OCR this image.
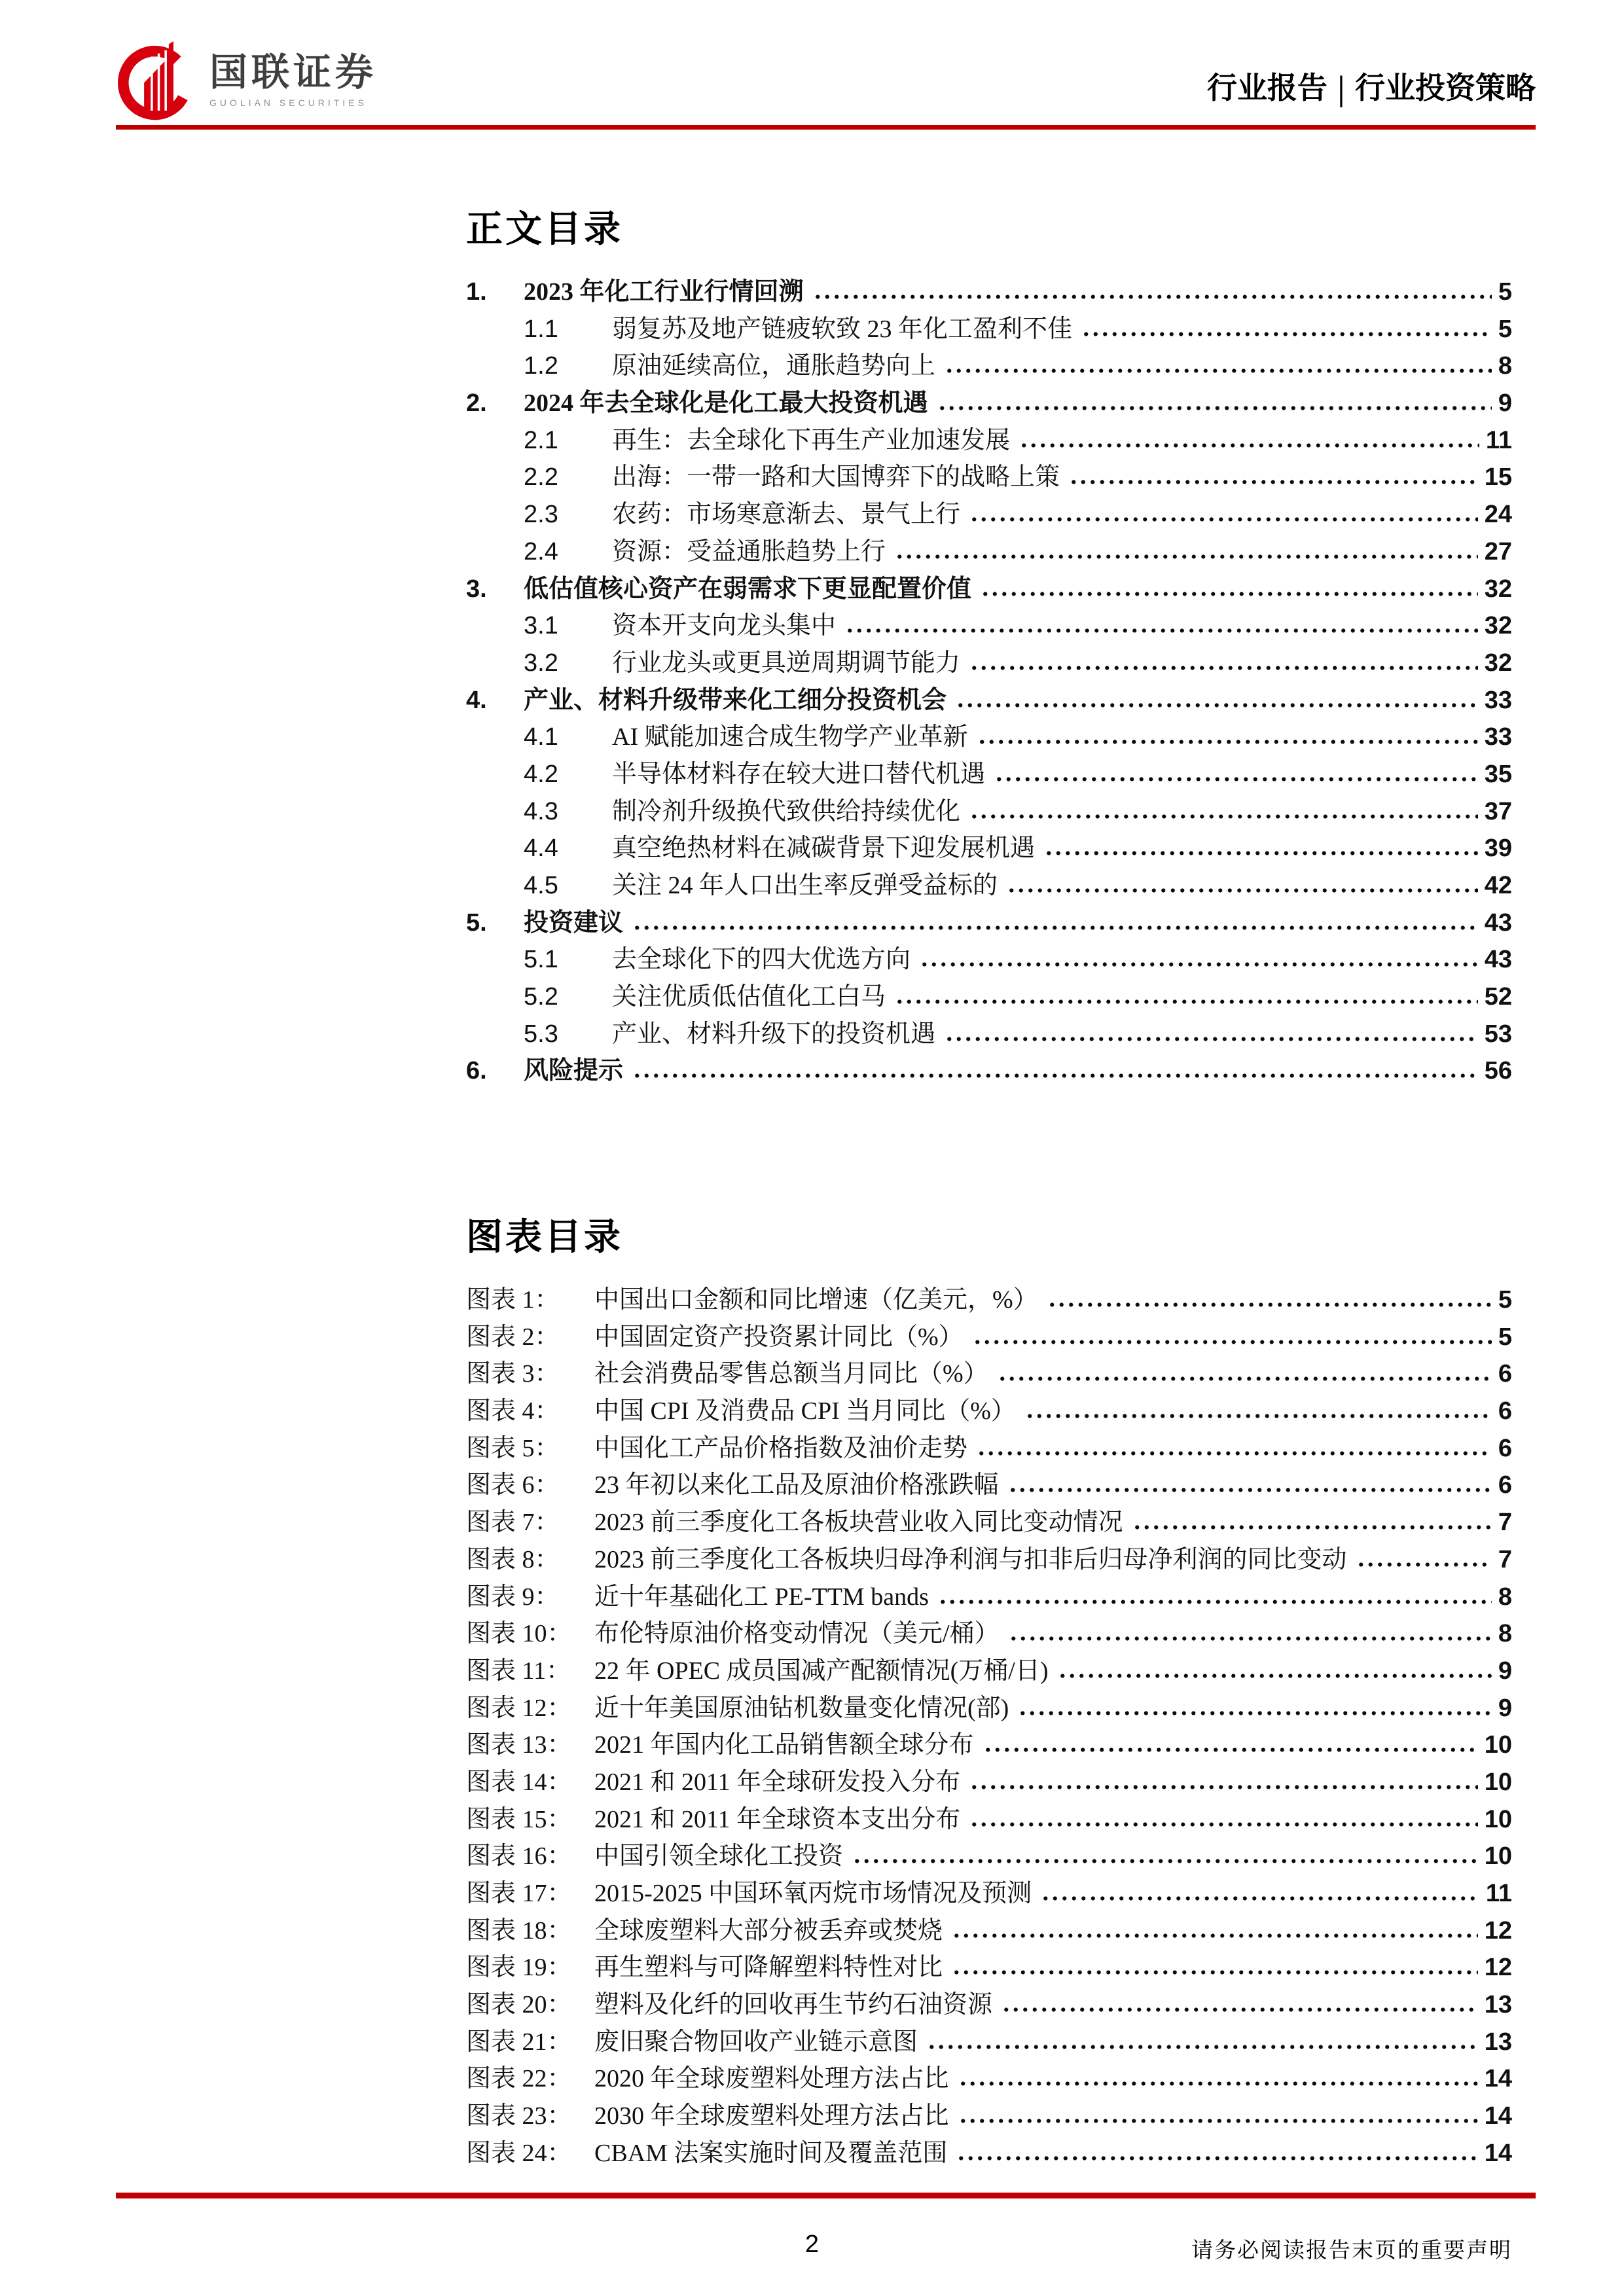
国联证券
GUOLIAN SECURITIES	行业报告 | 行业投资策略
正文目录
1.	2023 年化工行业行情回溯	5
1.1	弱复苏及地产链疲软致 23 年化工盈利不佳	5
1.2	原油延续高位，通胀趋势向上	8
2.	2024 年去全球化是化工最大投资机遇	9
2.1	再生：去全球化下再生产业加速发展	11
2.2	出海：一带一路和大国博弈下的战略上策	15
2.3	农药：市场寒意渐去、景气上行	24
2.4	资源：受益通胀趋势上行	27
3.	低估值核心资产在弱需求下更显配置价值	32
3.1	资本开支向龙头集中	32
3.2	行业龙头或更具逆周期调节能力	32
4.	产业、材料升级带来化工细分投资机会	33
4.1	AI 赋能加速合成生物学产业革新	33
4.2	半导体材料存在较大进口替代机遇	35
4.3	制冷剂升级换代致供给持续优化	37
4.4	真空绝热材料在减碳背景下迎发展机遇	39
4.5	关注 24 年人口出生率反弹受益标的	42
5.	投资建议	43
5.1	去全球化下的四大优选方向	43
5.2	关注优质低估值化工白马	52
5.3	产业、材料升级下的投资机遇	53
6.	风险提示	56
图表目录
图表 1：	中国出口金额和同比增速（亿美元，%）	5
图表 2：	中国固定资产投资累计同比（%）	5
图表 3：	社会消费品零售总额当月同比（%）	6
图表 4：	中国 CPI 及消费品 CPI 当月同比（%）	6
图表 5：	中国化工产品价格指数及油价走势	6
图表 6：	23 年初以来化工品及原油价格涨跌幅	6
图表 7：	2023 前三季度化工各板块营业收入同比变动情况	7
图表 8：	2023 前三季度化工各板块归母净利润与扣非后归母净利润的同比变动	7
图表 9：	近十年基础化工 PE-TTM bands	8
图表 10： 布伦特原油价格变动情况（美元/桶）	8
图表 11： 22 年 OPEC 成员国减产配额情况(万桶/日)	9
图表 12： 近十年美国原油钻机数量变化情况(部)	9
图表 13： 2021 年国内化工品销售额全球分布	10
图表 14： 2021 和 2011 年全球研发投入分布	10
图表 15： 2021 和 2011 年全球资本支出分布	10
图表 16： 中国引领全球化工投资	10
图表 17： 2015-2025 中国环氧丙烷市场情况及预测	11
图表 18： 全球废塑料大部分被丢弃或焚烧	12
图表 19： 再生塑料与可降解塑料特性对比	12
图表 20： 塑料及化纤的回收再生节约石油资源	13
图表 21： 废旧聚合物回收产业链示意图	13
图表 22： 2020 年全球废塑料处理方法占比	14
图表 23： 2030 年全球废塑料处理方法占比	14
图表 24： CBAM 法案实施时间及覆盖范围	14
2	请务必阅读报告末页的重要声明
